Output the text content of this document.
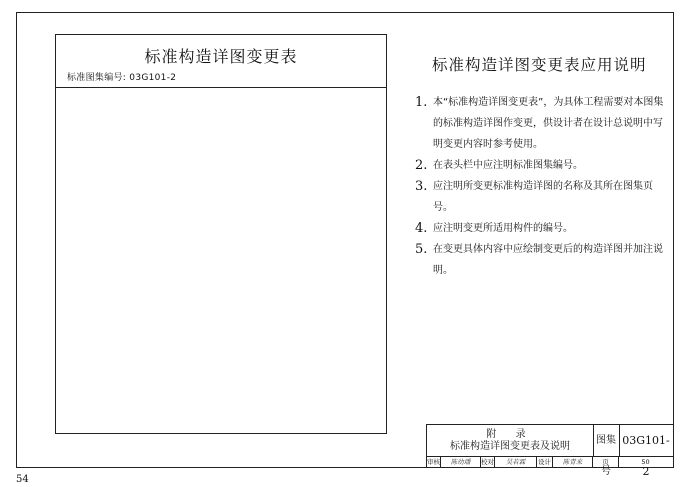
标准构造详图变更表
标准图集编号: 03G101-2
标准构造详图变更表应用说明
1. 本“标准构造详图变更表”，为具体工程需要对本图集的标准构造详图作变更，供设计者在设计总说明中写明变更内容时参考使用。
2. 在表头栏中应注明标准图集编号。
3. 应注明所变更标准构造详图的名称及其所在图集页号。
4. 应注明变更所适用构件的编号。
5. 在变更具体内容中应绘制变更后的构造详图并加注说明。
附 录
标准构造详图变更表及说明
图集号
03G101-2
审核	陈幼璠	校对	吴若霖	设计	陈青来	页	50
54
